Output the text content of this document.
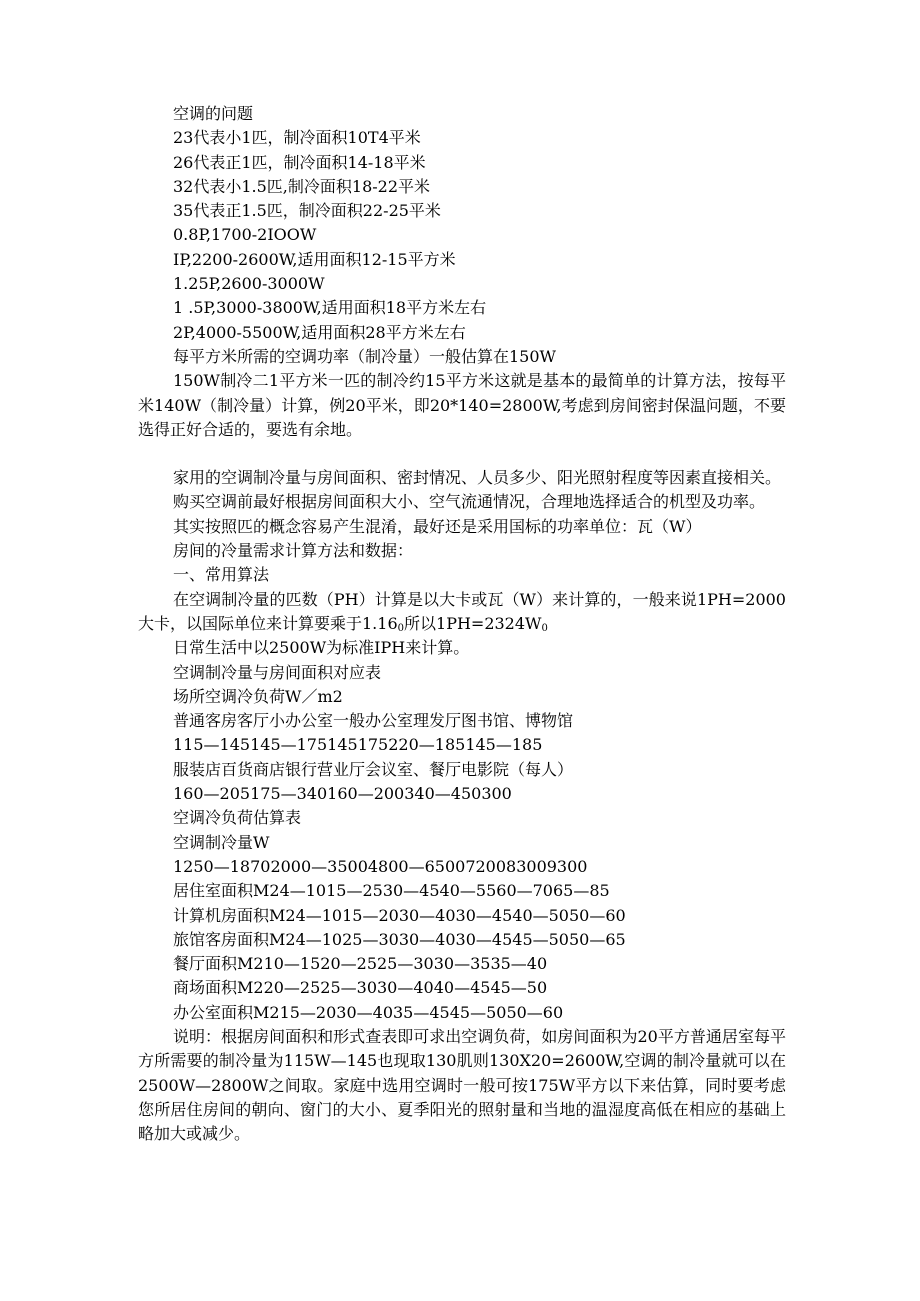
空调的问题

23代表小1匹，制冷面积10T4平米

26代表正1匹，制冷面积14-18平米

32代表小1.5匹,制冷面积18-22平米

35代表正1.5匹，制冷面积22-25平米

0.8P,1700-2IOOW

IP,2200-2600W,适用面积12-15平方米

1.25P,2600-3000W

1 .5P,3000-3800W,适用面积18平方米左右

2P,4000-5500W,适用面积28平方米左右

每平方米所需的空调功率（制冷量）一般估算在150W

150W制冷二1平方米一匹的制冷约15平方米这就是基本的最简单的计算方法，按每平米140W（制冷量）计算，例20平米，即20*140=2800W,考虑到房间密封保温问题，不要选得正好合适的，要选有余地。

家用的空调制冷量与房间面积、密封情况、人员多少、阳光照射程度等因素直接相关。

购买空调前最好根据房间面积大小、空气流通情况，合理地选择适合的机型及功率。

其实按照匹的概念容易产生混淆，最好还是采用国标的功率单位：瓦（W）

房间的冷量需求计算方法和数据：

一、常用算法

在空调制冷量的匹数（PH）计算是以大卡或瓦（W）来计算的，一般来说1PH=2000大卡，以国际单位来计算要乘于$1.16_0$所以$1PH=2324W_0$

日常生活中以2500W为标准IPH来计算。

空调制冷量与房间面积对应表

场所空调冷负荷W／m2

普通客房客厅小办公室一般办公室理发厅图书馆、博物馆

115—145145—175145175220—185145—185

服装店百货商店银行营业厅会议室、餐厅电影院（每人）

160—205175—340160—200340—450300

空调冷负荷估算表

空调制冷量W

1250—18702000—35004800—6500720083009300

居住室面积M24—1015—2530—4540—5560—7065—85

计算机房面积M24—1015—2030—4030—4540—5050—60

旅馆客房面积M24—1025—3030—4030—4545—5050—65

餐厅面积M210—1520—2525—3030—3535—40

商场面积M220—2525—3030—4040—4545—50

办公室面积M215—2030—4035—4545—5050—60

说明：根据房间面积和形式查表即可求出空调负荷，如房间面积为20平方普通居室每平方所需要的制冷量为115W—145也现取130肌则130X20=2600W,空调的制冷量就可以在2500W—2800W之间取。家庭中选用空调时一般可按175W平方以下来估算，同时要考虑您所居住房间的朝向、窗门的大小、夏季阳光的照射量和当地的温湿度高低在相应的基础上略加大或减少。
